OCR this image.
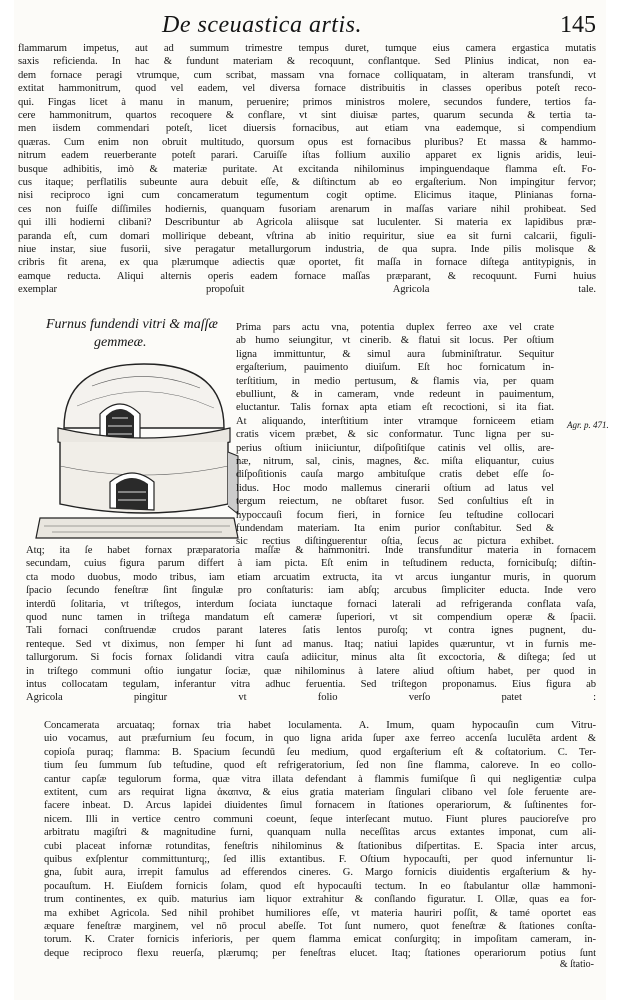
De sceuastica artis.	145
flammarum impetus, aut ad summum trimestre tempus duret, tumque eius camera ergastica mutatis
saxis reficienda. In hac & fundunt materiam & recoquunt, conflantque. Sed Plinius indicat, non ea-
dem fornace peragi vtrumque, cum scribat, massam vna fornace colliquatam, in alteram transfundi, vt
extitat hammonitrum, quod vel eadem, vel diversa fornace distribuitis in classes operibus poteſt reco-
qui. Fingas licet à manu in manum, peruenire; primos ministros molere, secundos fundere, tertios fa-
cere hammonitrum, quartos recoquere & conflare, vt sint diuisæ partes, quarum secunda & tertia ta-
men iisdem commendari poteſt, licet diuersis fornacibus, aut etiam vna eademque, si compendium
quæras. Cum enim non obruit multitudo, quorsum opus est fornacibus pluribus? Et massa & hammo-
nitrum eadem reuerberante poteſt parari. Caruiſſe iſtas follium auxilio apparet ex lignis aridis, leui-
busque adhibitis, imò & materiæ puritate. At excitanda nihilominus impinguendaque flamma eſt. Fo-
cus itaque; perflatilis subeunte aura debuit eſſe, & diſtinctum ab eo ergaſterium. Non impingitur fervor;
nisi reciproco igni cum concameratum tegumentum cogit optime. Elicimus itaque, Plinianas forna-
ces non fuiſſe diſſimiles hodiernis, quanquam fusoriam arenarum in maſſas variare nihil prohibeat. Sed
qui illi hodierni clibani? Describuntur ab Agricola aliisque sat luculenter. Si materia ex lapidibus præ-
paranda eſt, cum domari mollirique debeant, vſtrina ab initio requiritur, siue ea sit furni calcarii, figuli-
niue instar, siue fusorii, sive peragatur metallurgorum industria, de qua supra. Inde pilis molisque &
cribris fit arena, ex qua plærumque adiectis quæ oportet, fit maſſa in fornace diſtega antitypignis, in
eamque reducta. Aliqui alternis operis eadem fornace maſſas præparant, & recoquunt. Furni huius
exemplar propoſuit Agricola tale.
Furnus fundendi vitri & maſſæ
gemmeæ.
Prima pars actu vna, potentia duplex ferreo axe vel crate
ab humo seiungitur, vt cinerib. & flatui sit locus. Per oſtium
ligna immittuntur, & simul aura ſubminiſtratur. Sequitur
ergaſterium, pauimento diuiſum. Eſt hoc fornicatum in-
terſtitium, in medio pertusum, & flamis via, per quam
ebulliunt, & in cameram, vnde redeunt in pauimentum,
eluctantur. Talis fornax apta etiam eſt recoctioni, si ita fiat.
At aliquando, interſtitium inter vtramque forniceem etiam
cratis vicem præbet, & sic conformatur. Tunc ligna per su-
perius oſtium iniiciuntur, diſpoſitiſque catinis vel ollis, are-
næ, nitrum, sal, cinis, magnes, &c. miſta eliquantur, cuius
diſpoſitionis cauſa margo ambituſque cratis debet eſſe ſo-
lidus. Hoc modo mallemus cinerarii oſtium ad latus vel
tergum reiectum, ne obſtaret fusor. Sed conſultius eſt in
hypoccauſi focum fieri, in fornice ſeu teſtudine collocari
fundendam materiam. Ita enim purior conſtabitur. Sed &
sic rectius diſtinguerentur oſtia, ſecus ac pictura exhibet.
Agr. p. 471.
Atq; ita ſe habet fornax præparatoria maſſæ & hammonitri. Inde transfunditur materia in fornacem
secundam, cuius figura parum differt à iam picta. Eſt enim in teſtudinem reducta, fornicibuſq; diſtin-
cta modo duobus, modo tribus, iam etiam arcuatim extructa, ita vt arcus iungantur muris, in quorum
ſpacio ſecundo feneſtræ ſint ſingulæ pro conſtaturis: iam abſq; arcubus ſimpliciter educta. Inde vero
interdū ſolitaria, vt triſtegos, interdum ſociata iunctaque fornaci laterali ad refrigeranda conflata vaſa,
quod nunc tamen in triſtega mandatum eſt cameræ ſuperiori, vt sit compendium operæ & ſpacii.
Tali fornaci conſtruendæ crudos parant lateres ſatis lentos puroſq; vt contra ignes pugnent, du-
renteque. Sed vt diximus, non ſemper hi ſunt ad manus. Itaq; natiui lapides quæruntur, vt in furnis me-
tallurgorum. Si focis fornax ſolidandi vitra cauſa adiicitur, minus alta ſit excoctoria, & diſtega; ſed ut
in triſtego communi oſtio iungatur ſociæ, quæ nihilominus à latere aliud oſtium habet, per quod in
intus collocatam tegulam, inferantur vitra adhuc feruentia. Sed triſtegon proponamus. Eius figura ab
Agricola pingitur vt folio verſo patet :
Concamerata arcuataq; fornax tria habet loculamenta. A. Imum, quam hypocauſin cum Vitru-
uio vocamus, aut præfurnium ſeu focum, in quo ligna arida ſuper axe ferreo accenſa luculēta ardent &
copioſa puraq; flamma: B. Spacium ſecundū ſeu medium, quod ergaſterium eſt & coſtatorium. C. Ter-
tium ſeu ſummum ſub teſtudine, quod eſt refrigeratorium, ſed non ſine flamma, caloreve. In eo collo-
cantur capſæ tegulorum forma, quæ vitra illata defendant à flammis fumiſque ſi qui negligentiæ culpa
extitent, cum ars requirat ligna ἀκαπνα, & eius gratia materiam ſingulari clibano vel ſole feruente are-
facere inbeat. D. Arcus lapidei diuidentes ſimul fornacem in ſtationes operariorum, & ſuſtinentes for-
nicem. Illi in vertice centro communi coeunt, ſeque interſecant mutuo. Fiunt plures paucioreſve pro
arbitratu magiſtri & magnitudine furni, quanquam nulla neceſſitas arcus extantes imponat, cum ali-
cubi placeat infornæ rotunditas, feneſtris nihilominus & ſtationibus diſpertitas. E. Spacia inter arcus,
quibus exſplentur committunturq;, ſed illis extantibus. F. Oſtium hypocauſti, per quod infernuntur li-
gna, ſubit aura, irrepit famulus ad efferendos cineres. G. Margo fornicis diuidentis ergaſterium & hy-
pocauſtum. H. Eiuſdem fornicis ſolam, quod eſt hypocauſti tectum. In eo ſtabulantur ollæ hammoni-
trum continentes, ex quib. maturius iam liquor extrahitur & conſlando figuratur. I. Ollæ, quas ea for-
ma exhibet Agricola. Sed nihil prohibet humiliores eſſe, vt materia hauriri poſſit, & tamé oportet eas
æquare feneſtræ marginem, vel nō procul abeſſe. Tot ſunt numero, quot feneſtræ & ſtationes conſta-
torum. K. Crater fornicis inferioris, per quem flamma emicat conſurgitq; in impoſitam cameram, in-
deque reciproco flexu reuerſa, plærumq; per feneſtras elucet. Itaq; ſtationes operariorum potius ſunt
& ſtatio-
